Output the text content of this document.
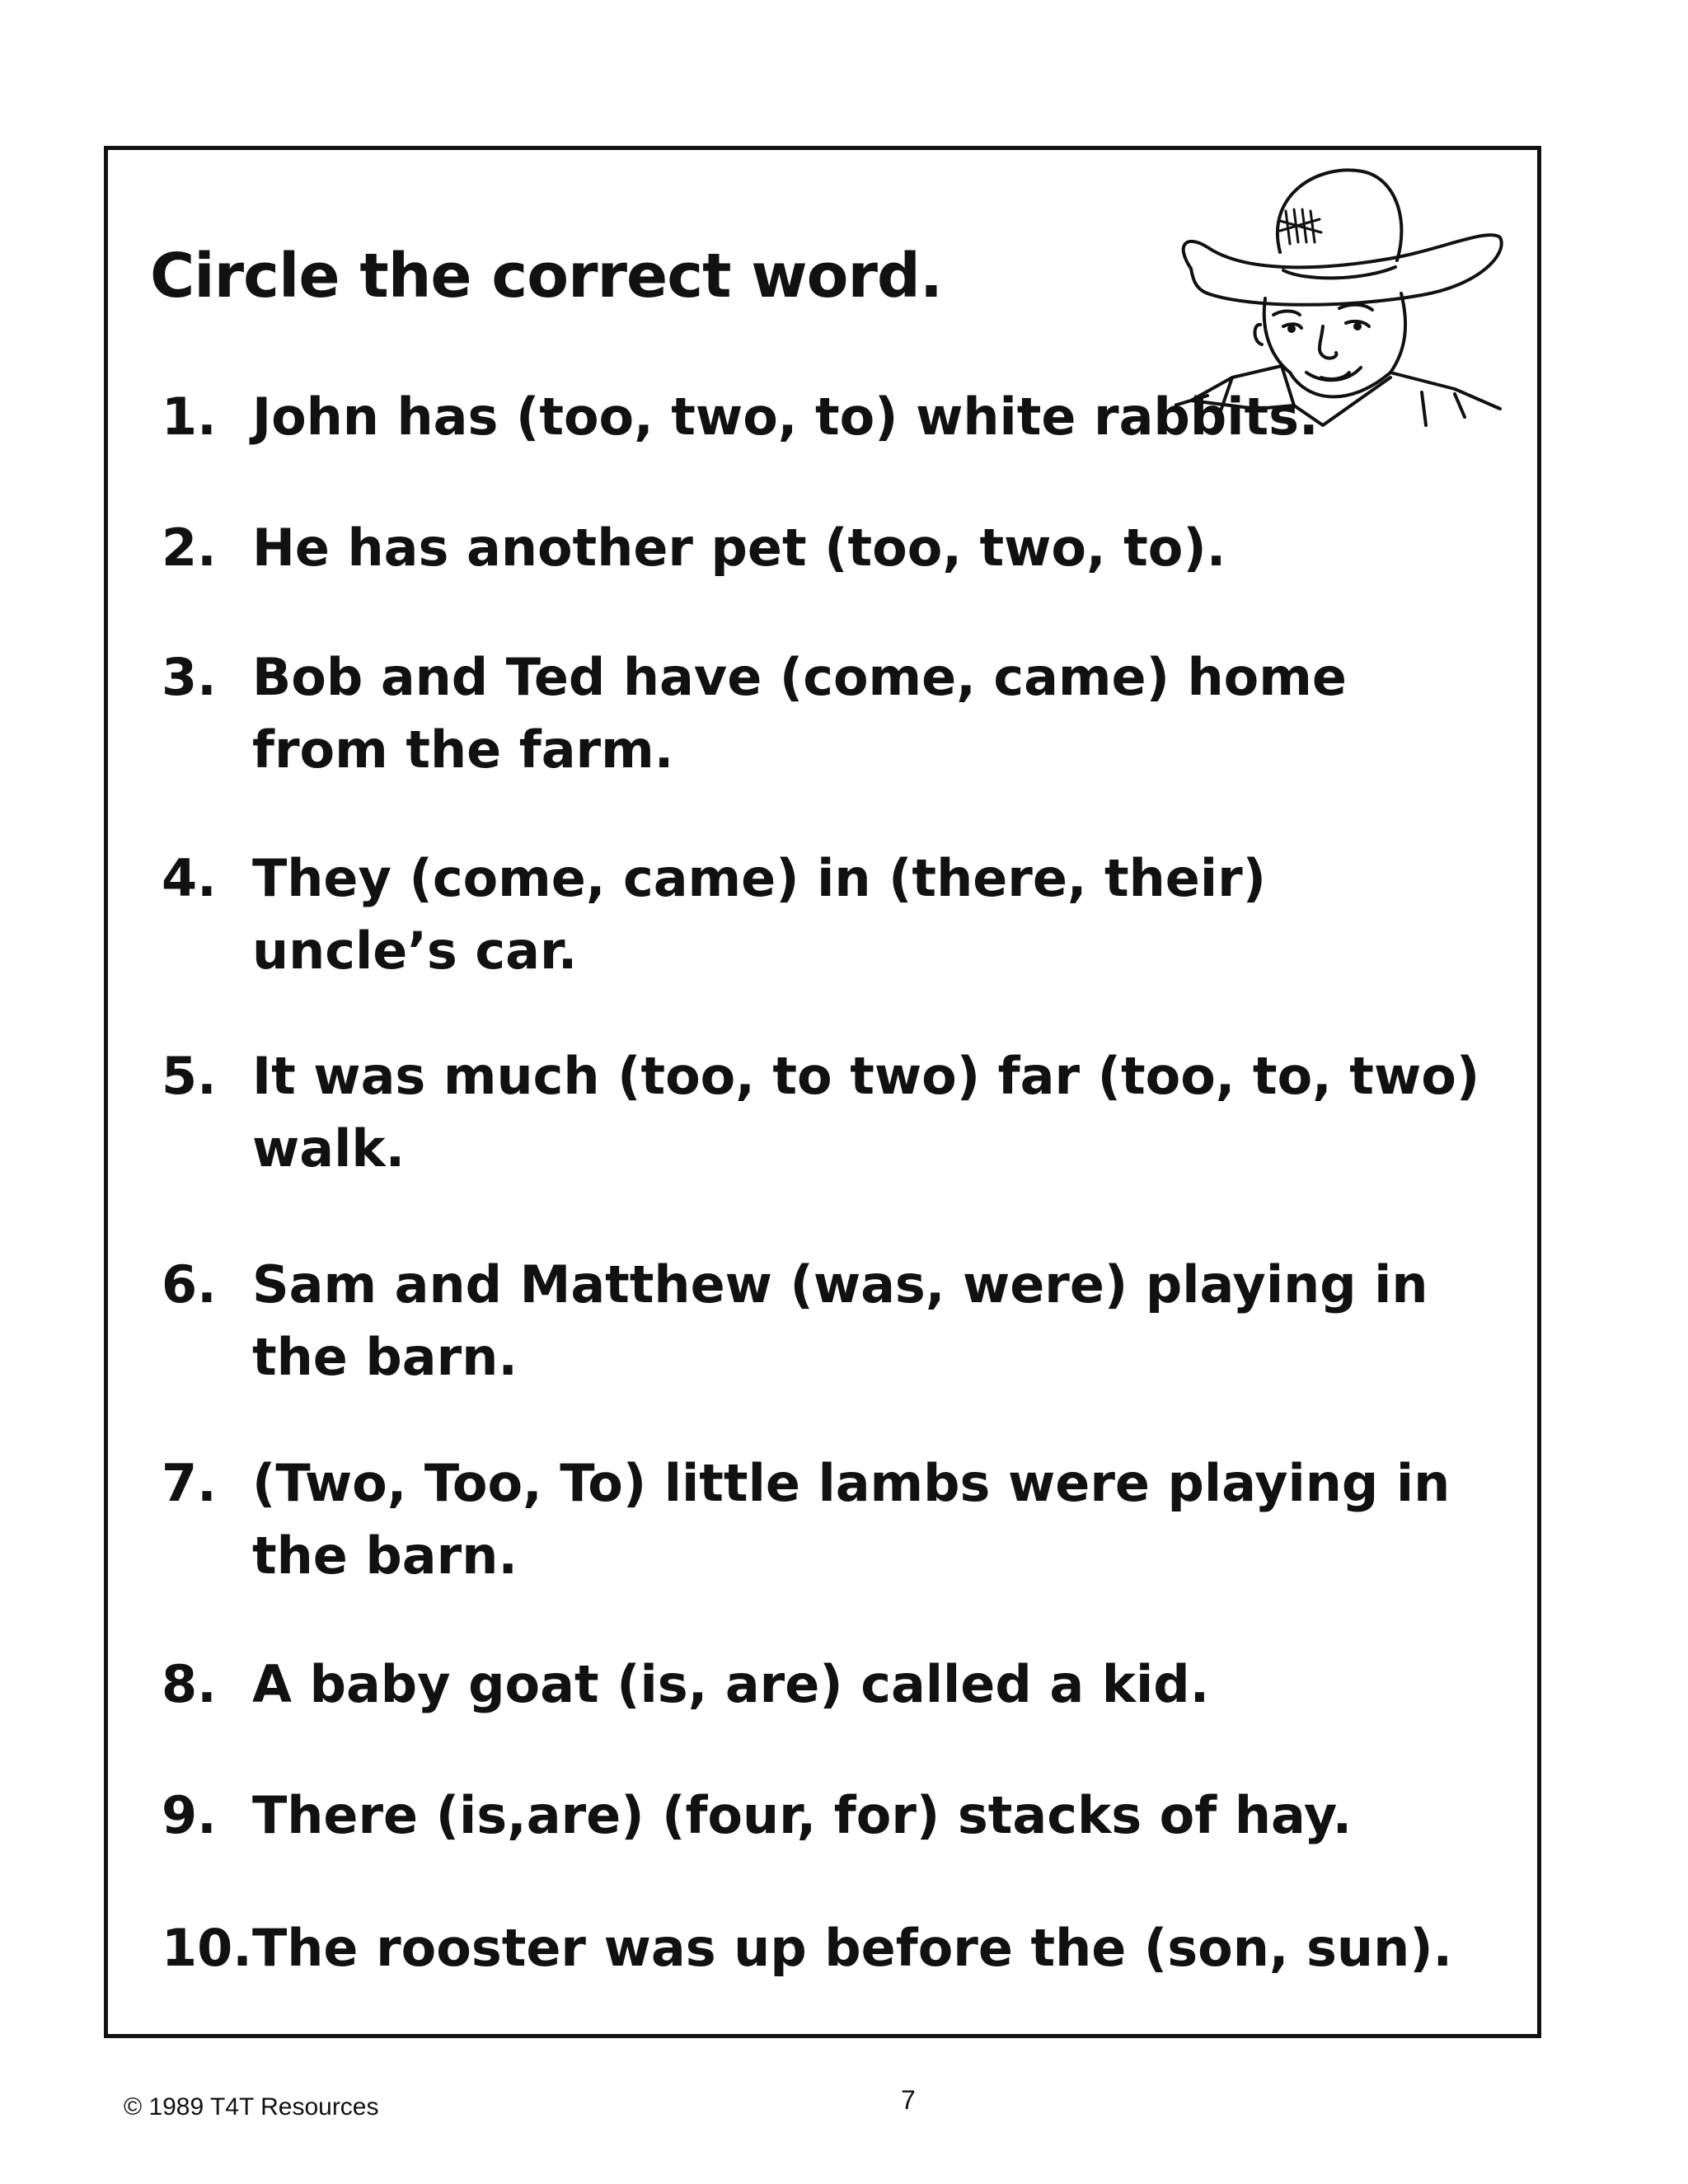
Circle the correct word.
1. John has (too, two, to) white rabbits.
2. He has another pet (too, two, to).
3. Bob and Ted have (come, came) home from the farm.
4. They (come, came) in (there, their) uncle’s car.
5. It was much (too, to two) far (too, to, two) walk.
6. Sam and Matthew (was, were) playing in the barn.
7. (Two, Too, To) little lambs were playing in the barn.
8. A baby goat (is, are) called a kid.
9. There (is,are) (four, for) stacks of hay.
10. The rooster was up before the (son, sun).
© 1989 T4T Resources	7
